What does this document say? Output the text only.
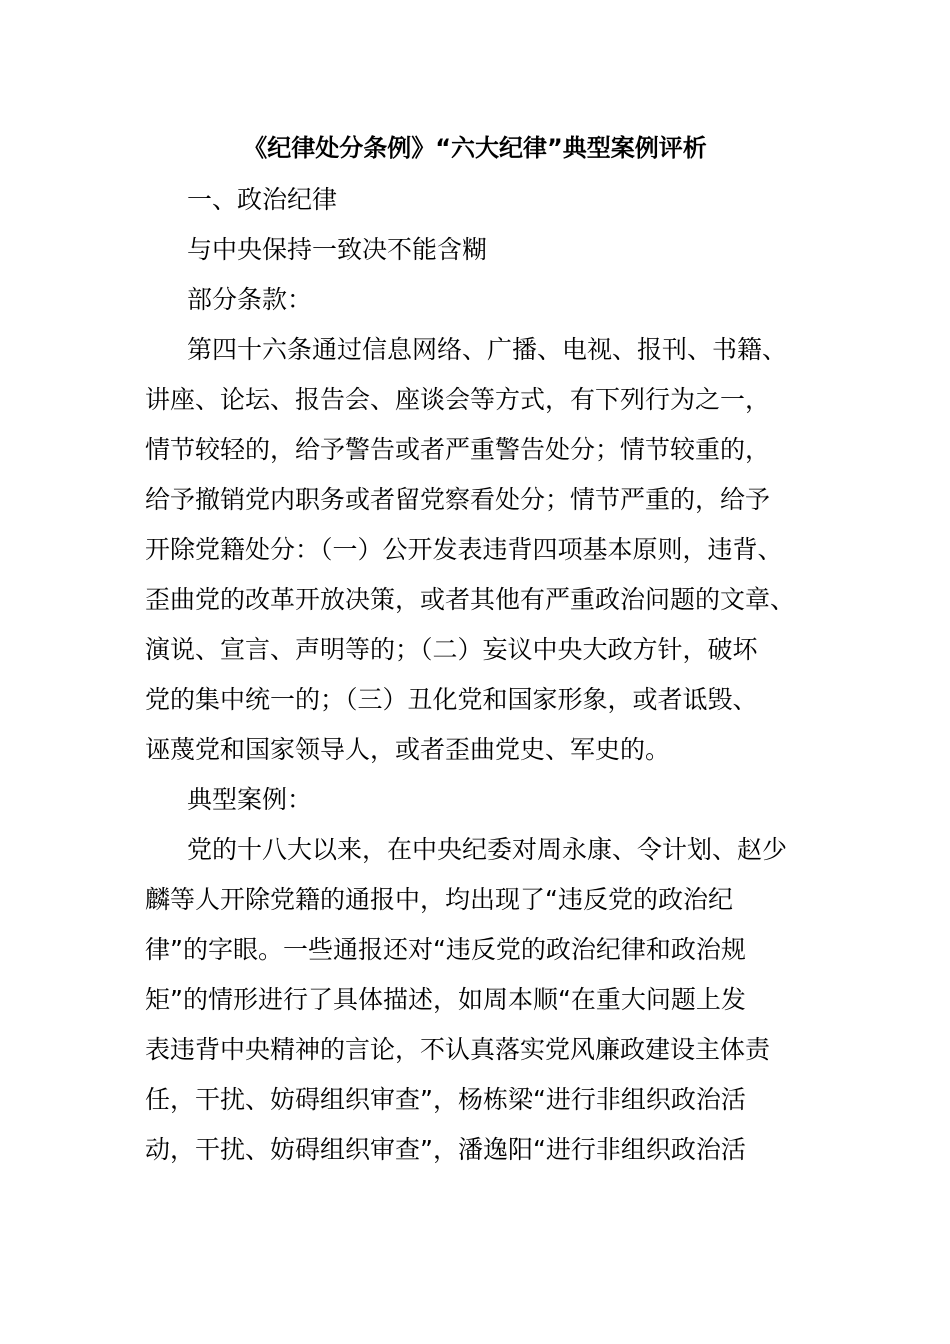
《纪律处分条例》“六大纪律”典型案例评析
一、政治纪律
与中央保持一致决不能含糊
部分条款：
第四十六条通过信息网络、广播、电视、报刊、书籍、
讲座、论坛、报告会、座谈会等方式，有下列行为之一，
情节较轻的，给予警告或者严重警告处分；情节较重的，
给予撤销党内职务或者留党察看处分；情节严重的，给予
开除党籍处分：（一）公开发表违背四项基本原则，违背、
歪曲党的改革开放决策，或者其他有严重政治问题的文章、
演说、宣言、声明等的；（二）妄议中央大政方针，破坏
党的集中统一的；（三）丑化党和国家形象，或者诋毁、
诬蔑党和国家领导人，或者歪曲党史、军史的。
典型案例：
党的十八大以来，在中央纪委对周永康、令计划、赵少
麟等人开除党籍的通报中，均出现了“违反党的政治纪
律”的字眼。一些通报还对“违反党的政治纪律和政治规
矩”的情形进行了具体描述，如周本顺“在重大问题上发
表违背中央精神的言论，不认真落实党风廉政建设主体责
任，干扰、妨碍组织审查”，杨栋梁“进行非组织政治活
动，干扰、妨碍组织审查”，潘逸阳“进行非组织政治活
